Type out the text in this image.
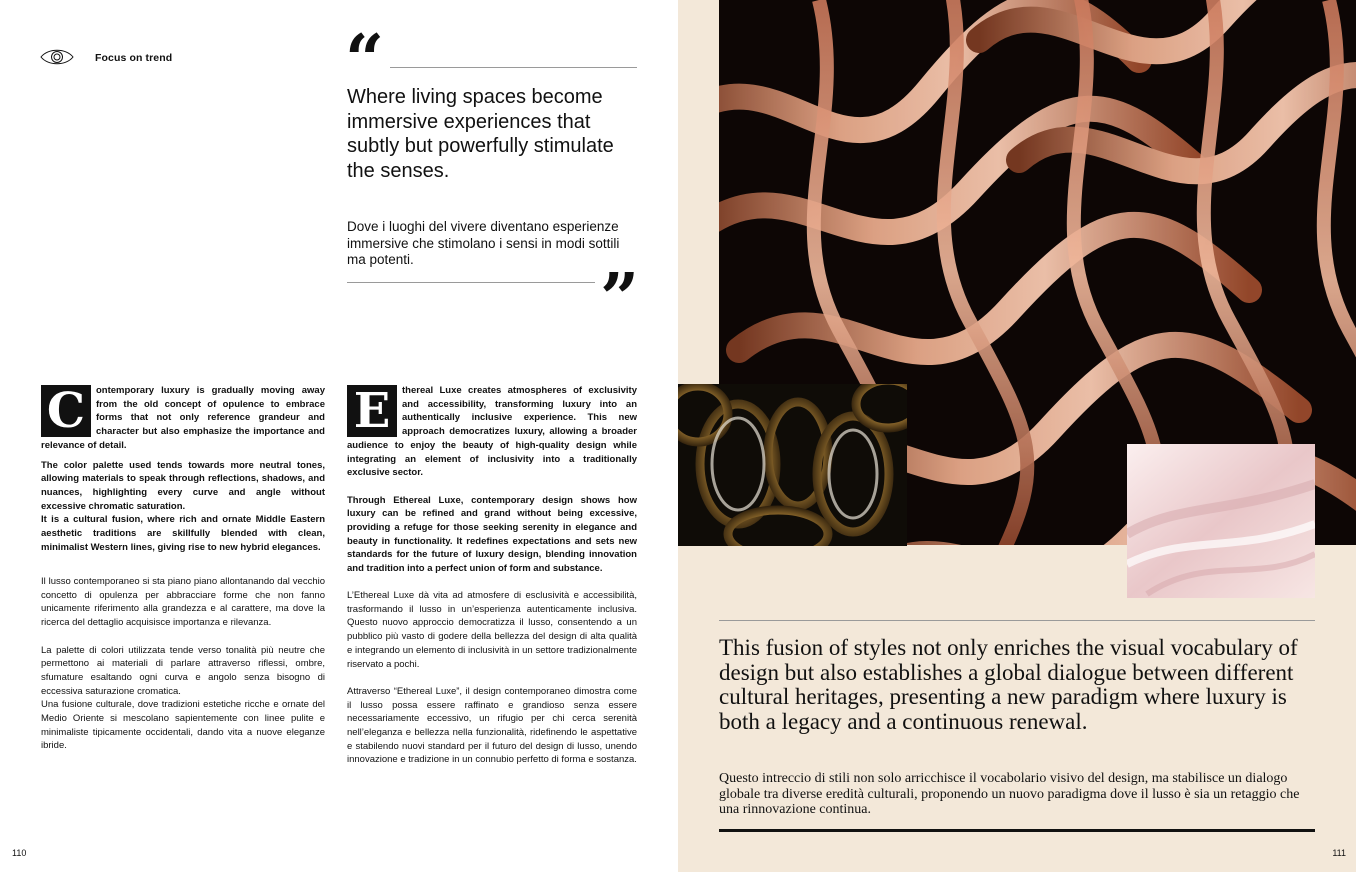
Focus on trend	“
Where living spaces become immersive experiences that subtly but powerfully stimulate the senses.
Dove i luoghi del vivere diventano esperienze immersive che stimolano i sensi in modi sottili ma potenti.	”

C	ontemporary luxury is gradually moving away from the old concept of opulence to embrace forms that not only reference grandeur and character but also emphasize the importance and relevance of detail.

The color palette used tends towards more neutral tones, allowing materials to speak through reflections, shadows, and nuances, highlighting every curve and angle without excessive chromatic saturation.

It is a cultural fusion, where rich and ornate Middle Eastern aesthetic traditions are skillfully blended with clean, minimalist Western lines, giving rise to new hybrid elegances.

Il lusso contemporaneo si sta piano piano allontanando dal vecchio concetto di opulenza per abbracciare forme che non fanno unicamente riferimento alla grandezza e al carattere, ma dove la ricerca del dettaglio acquisisce importanza e rilevanza.

La palette di colori utilizzata tende verso tonalità più neutre che permettono ai materiali di parlare attraverso riflessi, ombre, sfumature esaltando ogni curva e angolo senza bisogno di eccessiva saturazione cromatica.

Una fusione culturale, dove tradizioni estetiche ricche e ornate del Medio Oriente si mescolano sapientemente con linee pulite e minimaliste tipicamente occidentali, dando vita a nuove eleganze ibride.

E	thereal Luxe creates atmospheres of exclusivity and accessibility, transforming luxury into an authentically inclusive experience. This new approach democratizes luxury, allowing a broader audience to enjoy the beauty of high-quality design while integrating an element of inclusivity into a traditionally exclusive sector.

Through Ethereal Luxe, contemporary design shows how luxury can be refined and grand without being excessive, providing a refuge for those seeking serenity in elegance and beauty in functionality. It redefines expectations and sets new standards for the future of luxury design, blending innovation and tradition into a perfect union of form and substance.

L’Ethereal Luxe dà vita ad atmosfere di esclusività e accessibilità, trasformando il lusso in un’esperienza autenticamente inclusiva. Questo nuovo approccio democratizza il lusso, consentendo a un pubblico più vasto di godere della bellezza del design di alta qualità e integrando un elemento di inclusività in un settore tradizionalmente riservato a pochi.

Attraverso “Ethereal Luxe”, il design contemporaneo dimostra come il lusso possa essere raffinato e grandioso senza essere necessariamente eccessivo, un rifugio per chi cerca serenità nell’eleganza e bellezza nella funzionalità, ridefinendo le aspettative e stabilendo nuovi standard per il futuro del design di lusso, unendo innovazione e tradizione in un connubio perfetto di forma e sostanza.

110
This fusion of styles not only enriches the visual vocabulary of design but also establishes a global dialogue between different cultural heritages, presenting a new paradigm where luxury is both a legacy and a continuous renewal.
Questo intreccio di stili non solo arricchisce il vocabolario visivo del design, ma stabilisce un dialogo globale tra diverse eredità culturali, proponendo un nuovo paradigma dove il lusso è sia un retaggio che una rinnovazione continua.
111
